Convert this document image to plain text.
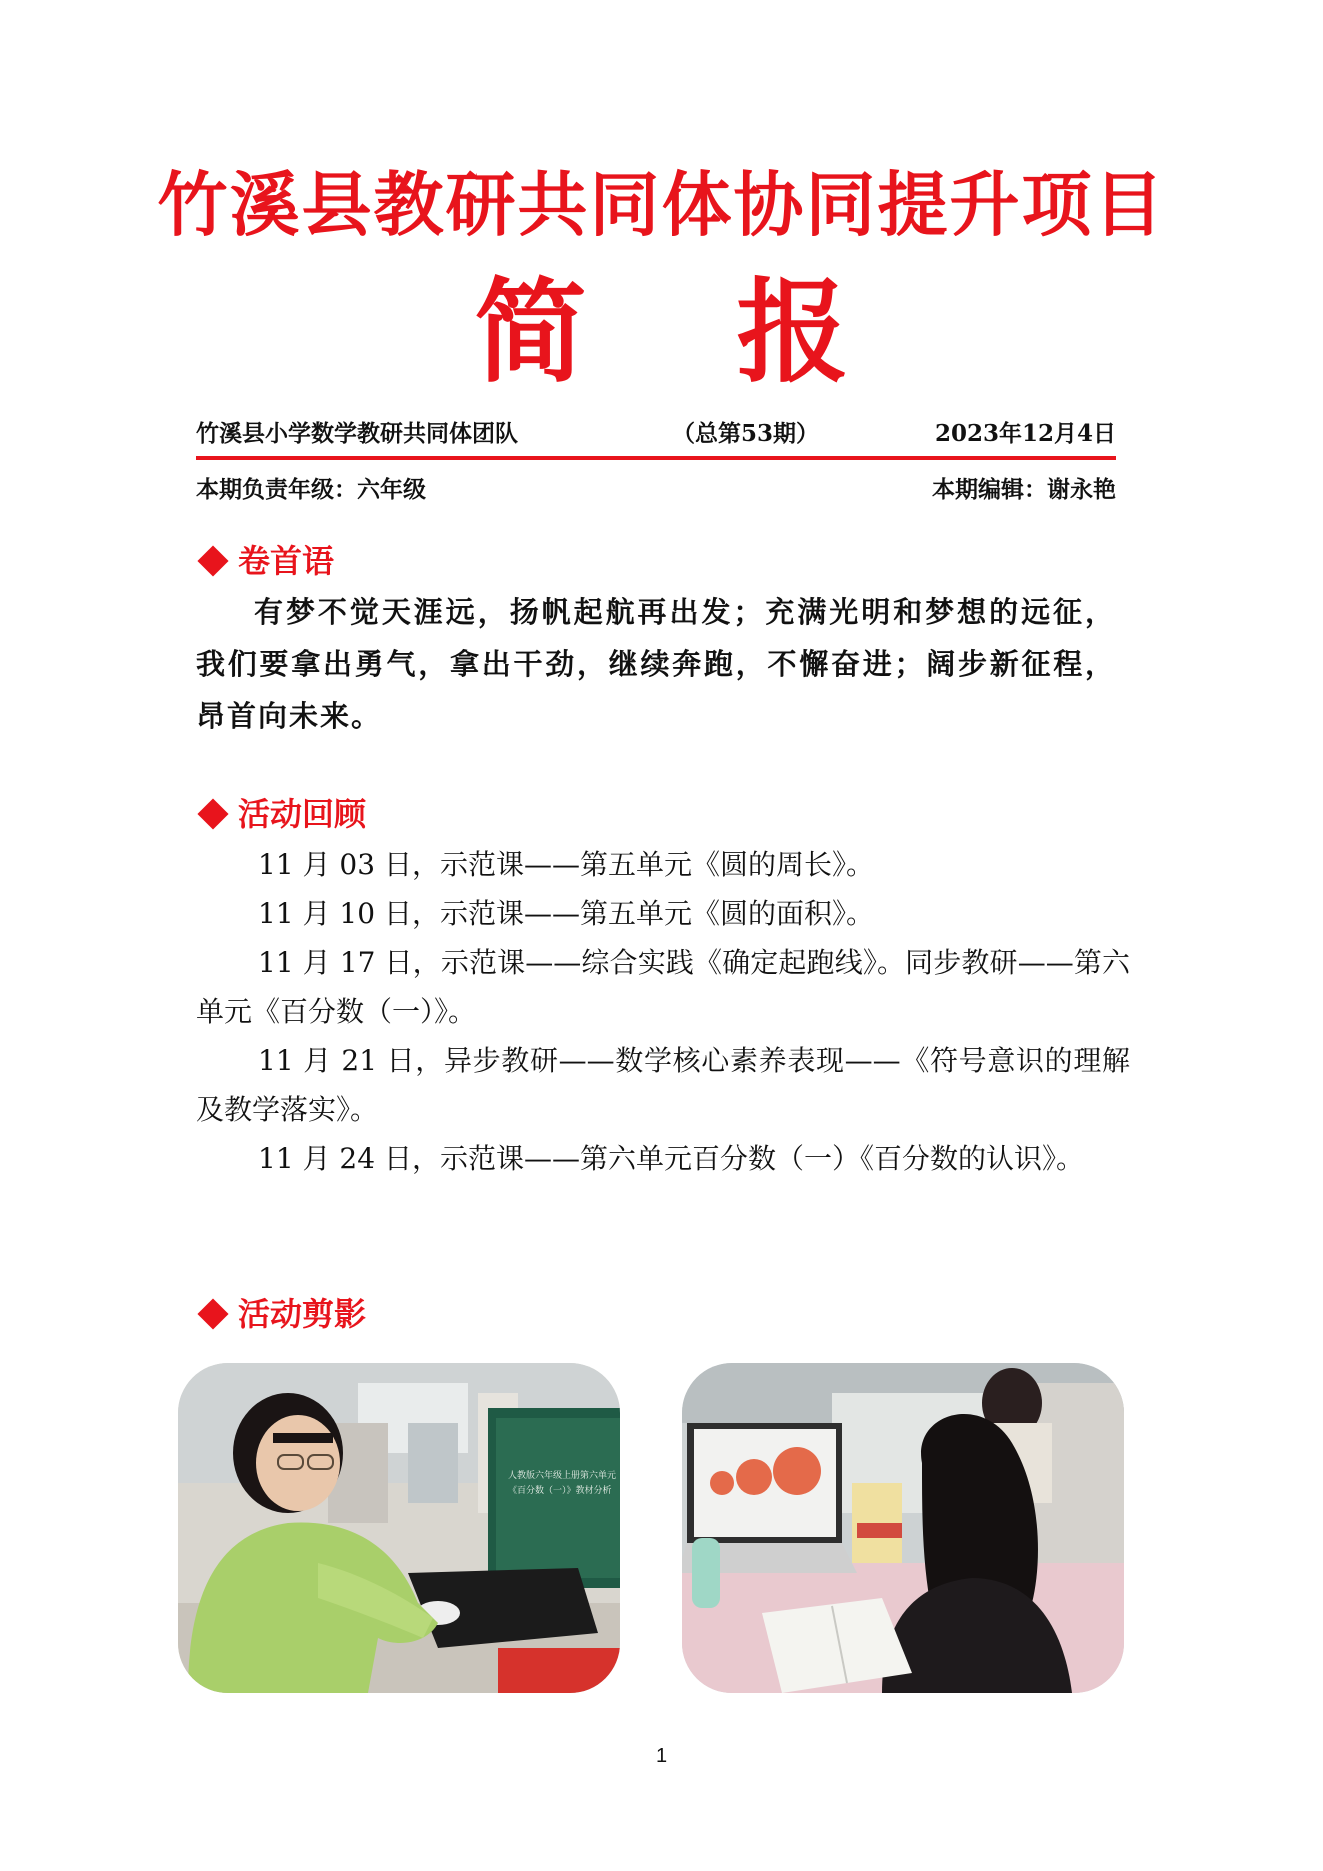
竹溪县教研共同体协同提升项目
简报
竹溪县小学数学教研共同体团队	（总第53期）	2023年12月4日
本期负责年级：六年级	本期编辑：谢永艳
卷首语

有梦不觉天涯远，扬帆起航再出发；充满光明和梦想的远征，我们要拿出勇气，拿出干劲，继续奔跑，不懈奋进；阔步新征程，昂首向未来。

活动回顾

11 月 03 日，示范课——第五单元《圆的周长》。

11 月 10 日，示范课——第五单元《圆的面积》。

11 月 17 日，示范课——综合实践《确定起跑线》。同步教研——第六单元《百分数（一）》。

11 月 21 日，异步教研——数学核心素养表现——《符号意识的理解及教学落实》。

11 月 24 日，示范课——第六单元百分数（一）《百分数的认识》。

活动剪影
人教版六年级上册第六单元
《百分数（一）》教材分析
1
